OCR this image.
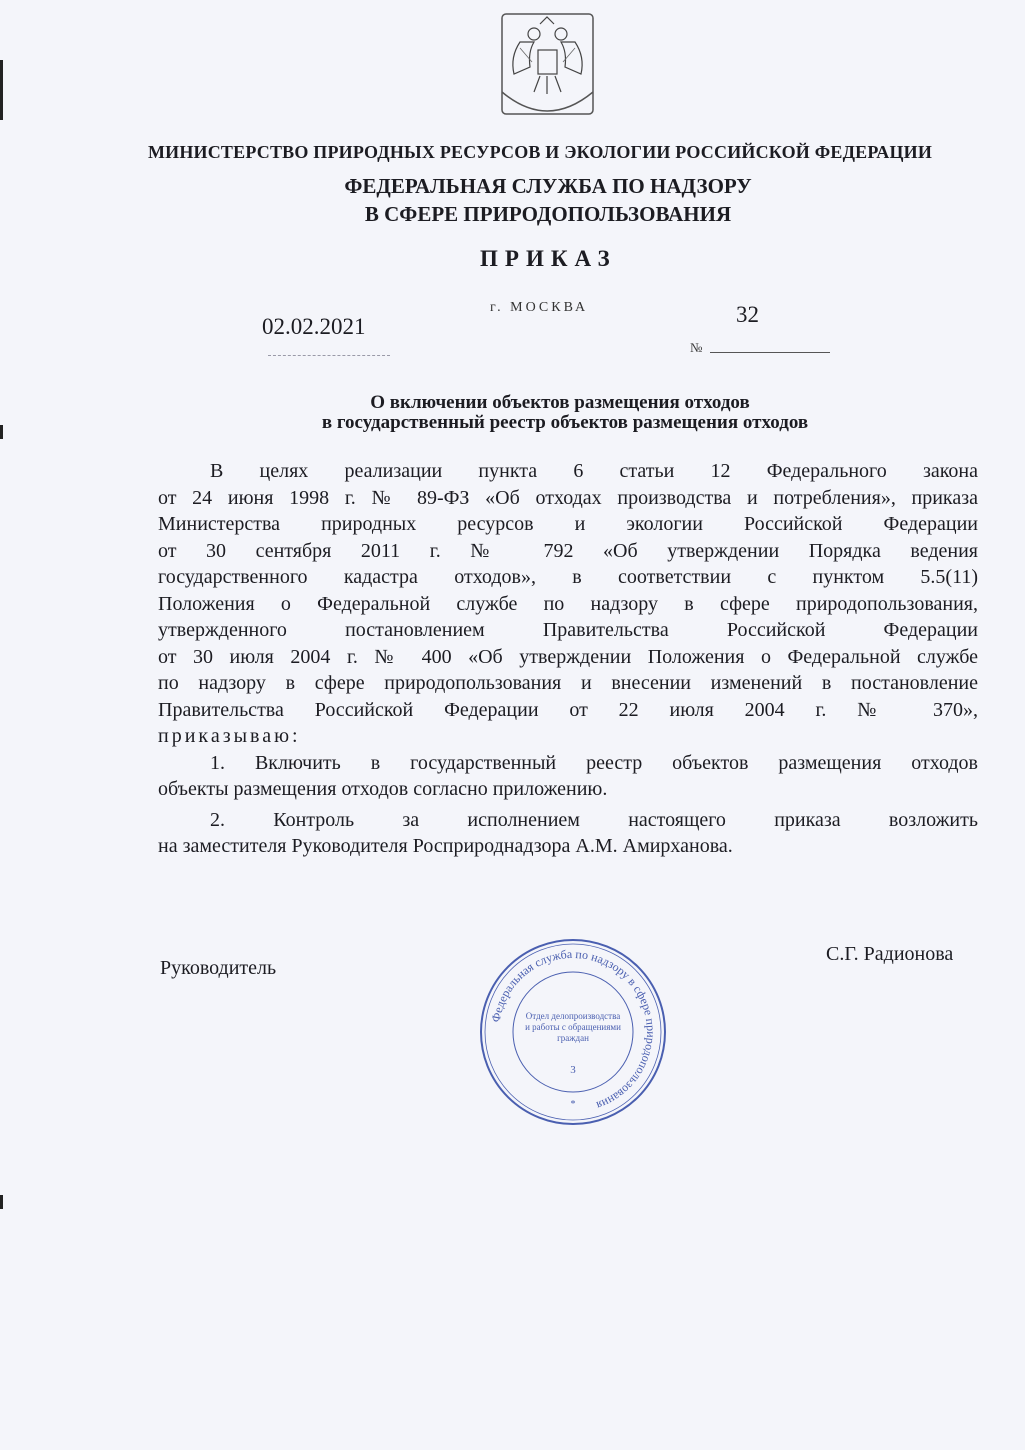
МИНИСТЕРСТВО ПРИРОДНЫХ РЕСУРСОВ И ЭКОЛОГИИ РОССИЙСКОЙ ФЕДЕРАЦИИ
ФЕДЕРАЛЬНАЯ СЛУЖБА ПО НАДЗОРУ
В СФЕРЕ ПРИРОДОПОЛЬЗОВАНИЯ
ПРИКАЗ
02.02.2021
г. МОСКВА	32
№
О включении объектов размещения отходов
в государственный реестр объектов размещения отходов
В целях реализации пункта 6 статьи 12 Федерального закона
от 24 июня 1998 г. № 89-ФЗ «Об отходах производства и потребления», приказа
Министерства природных ресурсов и экологии Российской Федерации
от 30 сентября 2011 г. № 792 «Об утверждении Порядка ведения
государственного кадастра отходов», в соответствии с пунктом 5.5(11)
Положения о Федеральной службе по надзору в сфере природопользования,
утвержденного постановлением Правительства Российской Федерации
от 30 июля 2004 г. № 400 «Об утверждении Положения о Федеральной службе
по надзору в сфере природопользования и внесении изменений в постановление
Правительства Российской Федерации от 22 июля 2004 г. № 370»,
приказываю:
1. Включить в государственный реестр объектов размещения отходов
объекты размещения отходов согласно приложению.
2. Контроль за исполнением настоящего приказа возложить
на заместителя Руководителя Росприроднадзора А.М. Амирханова.
Руководитель
С.Г. Радионова
Федеральная служба по надзору в сфере природопользования
Отдел делопроизводства
и работы с обращениями
граждан
3
*
